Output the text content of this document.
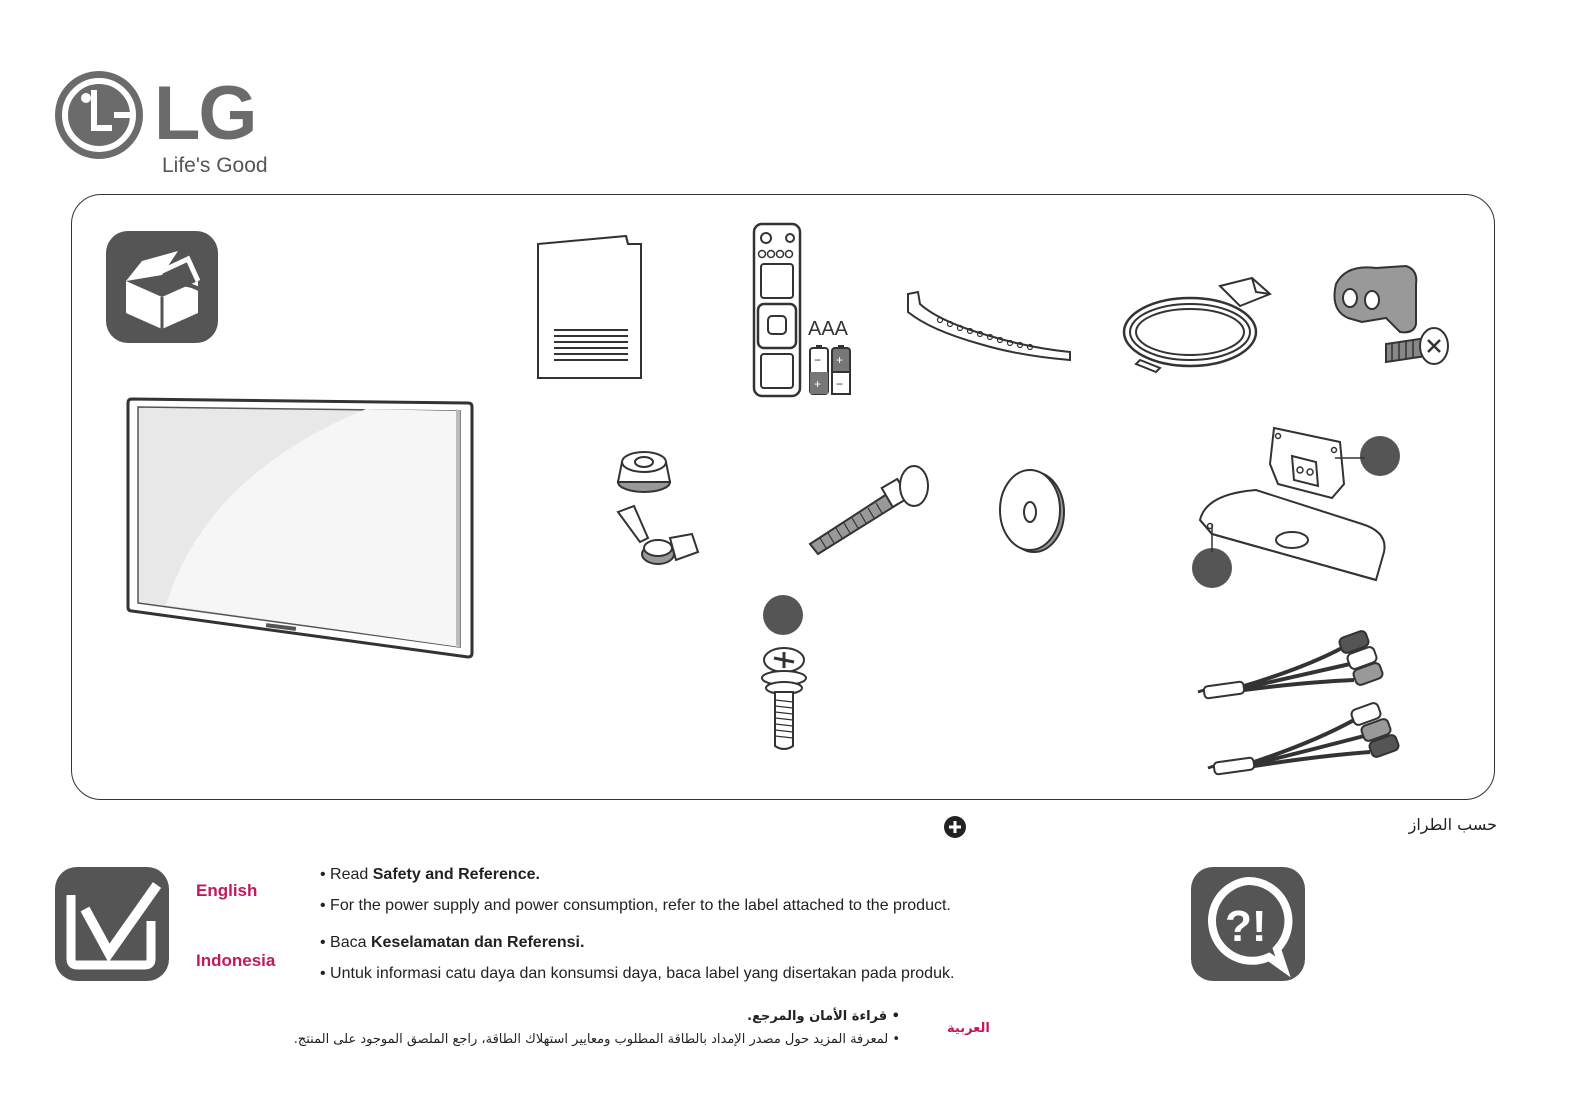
LG
Life's Good
AAA
−
+
+
−
حسب الطراز
English
• Read Safety and Reference.
• For the power supply and power consumption, refer to the label attached to the product.
Indonesia
• Baca Keselamatan dan Referensi.
• Untuk informasi catu daya dan konsumsi daya, baca label yang disertakan pada produk.
• قراءة الأمان والمرجع.
• لمعرفة المزيد حول مصدر الإمداد بالطاقة المطلوب ومعايير استهلاك الطاقة، راجع الملصق الموجود على المنتج.
العربية
?!
